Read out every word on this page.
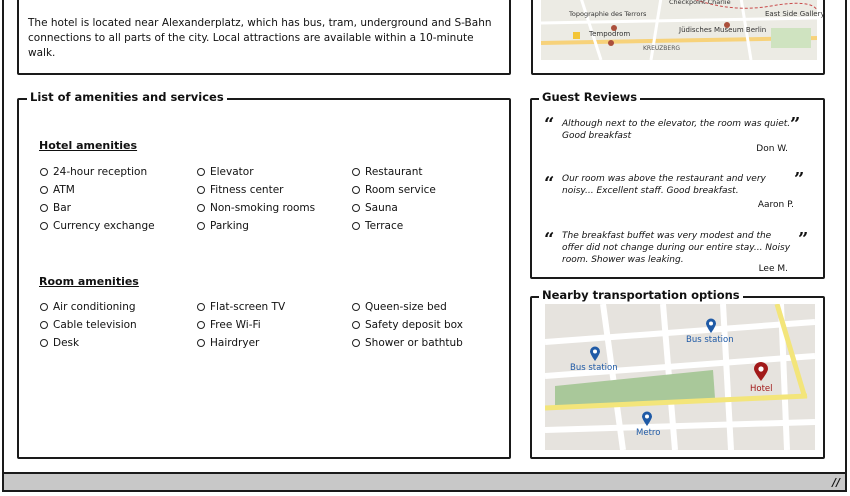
The hotel is located near Alexanderplatz, which has bus, tram, underground and S-Bahn connections to all parts of the city. Local attractions are available within a 10-minute walk.
Topographie des Terrors
Tempodrom	Jüdisches Museum Berlin
KREUZBERG
East Side Gallery
Checkpoint Charlie
List of amenities and services
Hotel amenities
24-hour reception
ATM
Bar
Currency exchange
Elevator
Fitness center
Non-smoking rooms
Parking
Restaurant
Room service
Sauna
Terrace
Room amenities
Air conditioning
Cable television
Desk
Flat-screen TV
Free Wi-Fi
Hairdryer
Queen-size bed
Safety deposit box
Shower or bathtub
Guest Reviews
“ Although next to the elevator, the room was quiet. Good breakfast
”
Don W.
“ Our room was above the restaurant and very noisy... Excellent staff. Good breakfast.
”
Aaron P.
“ The breakfast buffet was very modest and the offer did not change during our entire stay... Noisy room. Shower was leaking.
”
Lee M.
Nearby transportation options
Bus station
Bus station
Hotel
Metro
//
